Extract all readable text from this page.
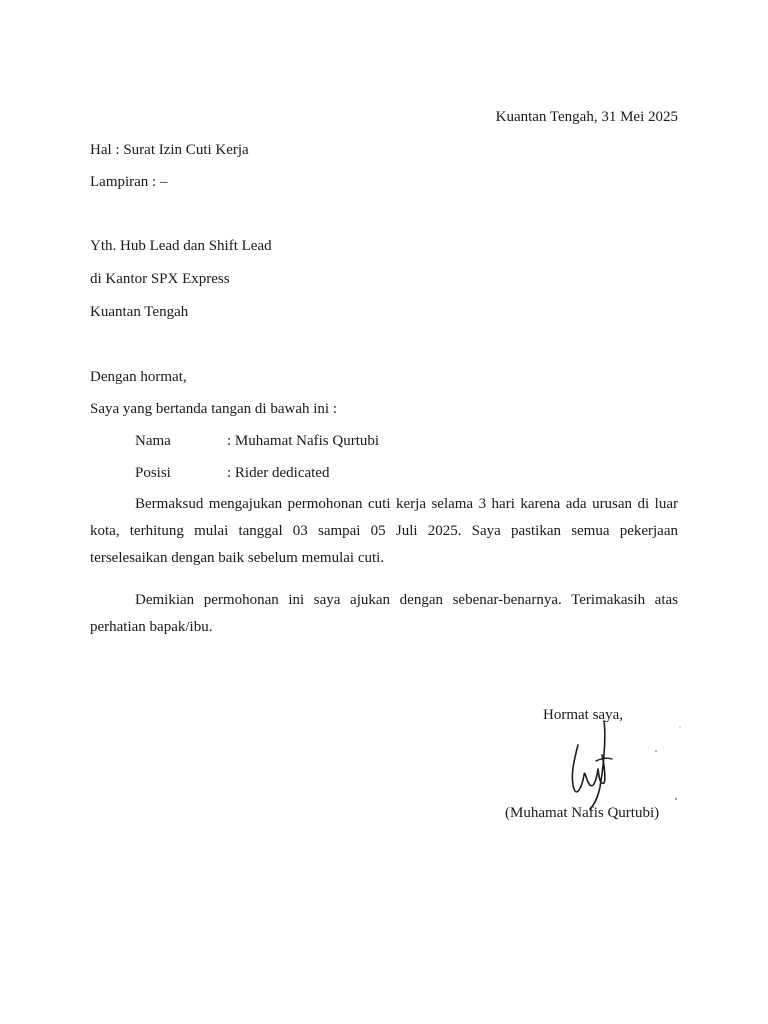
Kuantan Tengah, 31 Mei 2025
Hal : Surat Izin Cuti Kerja
Lampiran : –
Yth. Hub Lead dan Shift Lead
di Kantor SPX Express
Kuantan Tengah
Dengan hormat,
Saya yang bertanda tangan di bawah ini :
Nama	: Muhamat Nafis Qurtubi
Posisi	: Rider dedicated
Bermaksud mengajukan permohonan cuti kerja selama 3 hari karena ada urusan di luar kota, terhitung mulai tanggal 03 sampai 05 Juli 2025. Saya pastikan semua pekerjaan terselesaikan dengan baik sebelum memulai cuti.
Demikian permohonan ini saya ajukan dengan sebenar-benarnya. Terimakasih atas perhatian bapak/ibu.
Hormat saya,
(Muhamat Nafis Qurtubi)
